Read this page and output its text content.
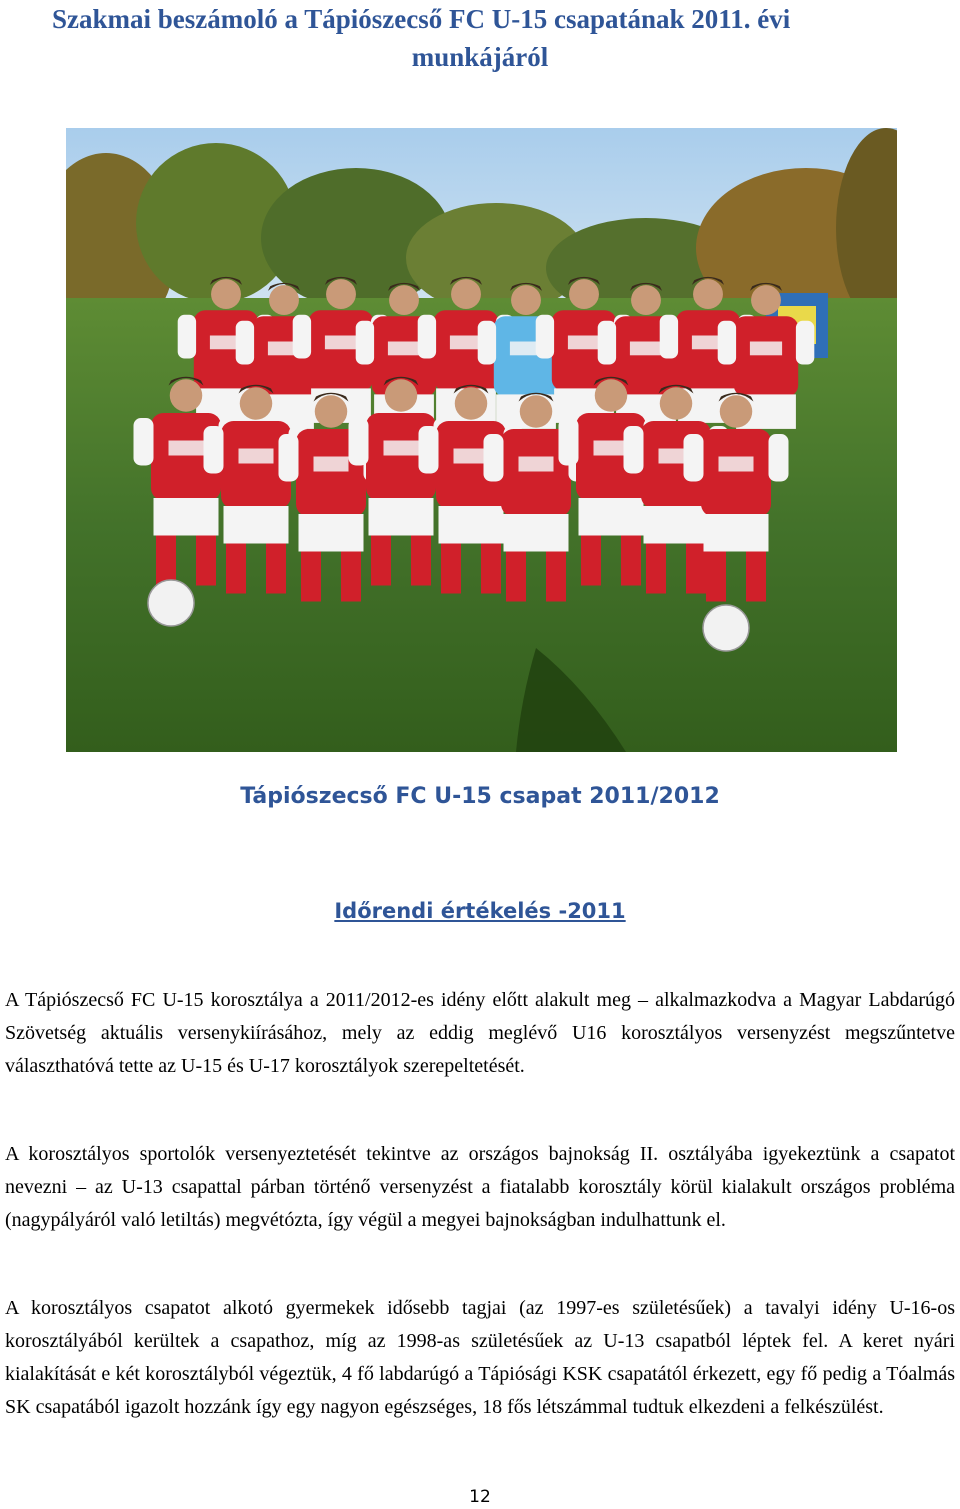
Szakmai beszámoló a Tápiószecső FC U-15 csapatának 2011. évi
munkájáról
Tápiószecső FC U-15 csapat 2011/2012
Időrendi értékelés -2011

A Tápiószecső FC U-15 korosztálya a 2011/2012-es idény előtt alakult meg – alkalmazkodva a Magyar Labdarúgó Szövetség aktuális versenykiírásához, mely az eddig meglévő U16 korosztályos versenyzést megszűntetve választhatóvá tette az U-15 és U-17 korosztályok szerepeltetését.

A korosztályos sportolók versenyeztetését tekintve az országos bajnokság II. osztályába igyekeztünk a csapatot nevezni – az U-13 csapattal párban történő versenyzést a fiatalabb korosztály körül kialakult országos probléma (nagypályáról való letiltás) megvétózta, így végül a megyei bajnokságban indulhattunk el.

A korosztályos csapatot alkotó gyermekek idősebb tagjai (az 1997-es születésűek) a tavalyi idény U-16-os korosztályából kerültek a csapathoz, míg az 1998-as születésűek az U-13 csapatból léptek fel. A keret nyári kialakítását e két korosztályból végeztük, 4 fő labdarúgó a Tápiósági KSK csapatától érkezett, egy fő pedig a Tóalmás SK csapatából igazolt hozzánk így egy nagyon egészséges, 18 fős létszámmal tudtuk elkezdeni a felkészülést.

12
